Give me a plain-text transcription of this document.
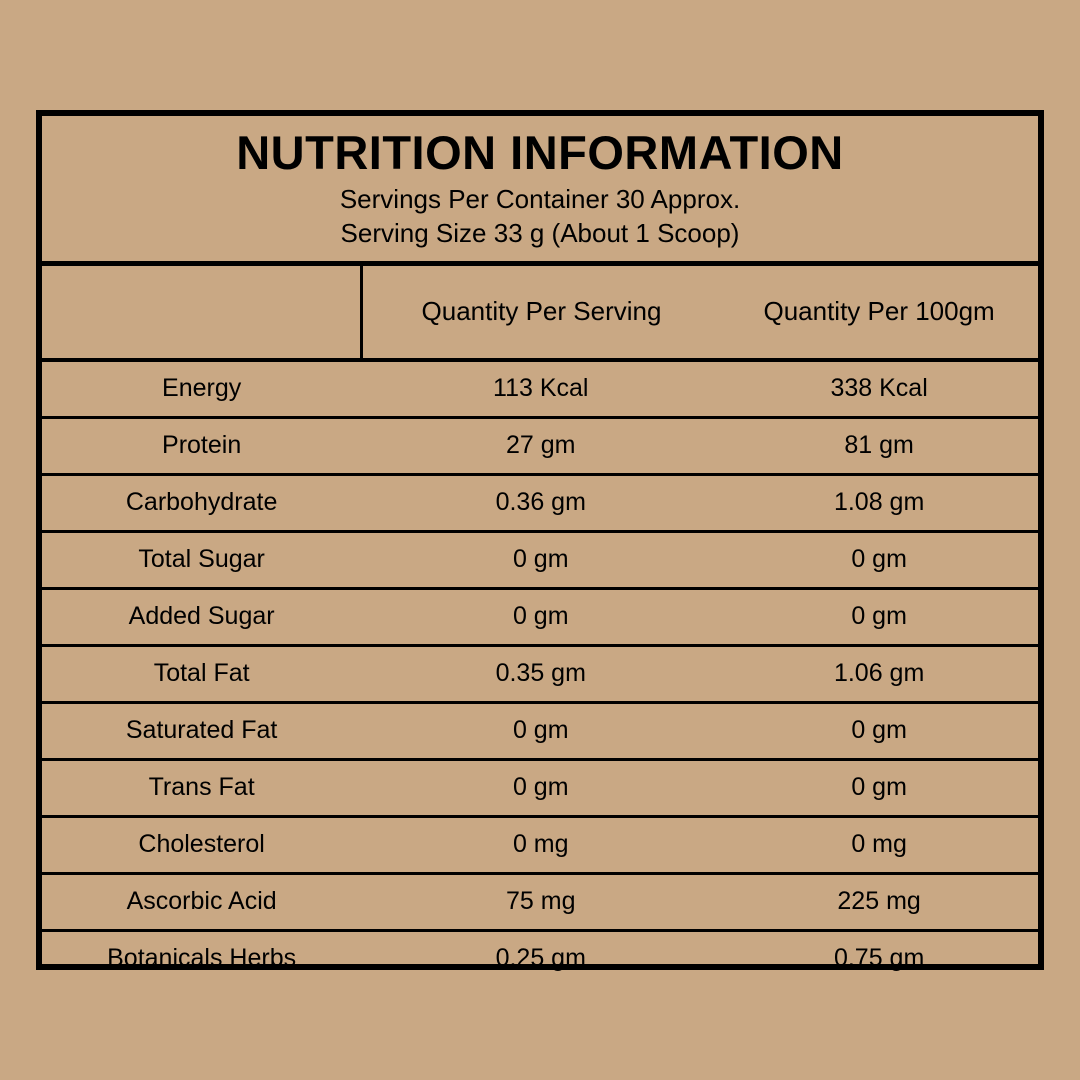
NUTRITION INFORMATION
Servings Per Container 30 Approx.
Serving Size 33 g (About 1 Scoop)
	Quantity Per Serving	Quantity Per 100gm
Energy	113 Kcal	338 Kcal
Protein	27 gm	81 gm
Carbohydrate	0.36 gm	1.08 gm
Total Sugar	0 gm	0 gm
Added Sugar	0 gm	0 gm
Total Fat	0.35 gm	1.06 gm
Saturated Fat	0 gm	0 gm
Trans Fat	0 gm	0 gm
Cholesterol	0 mg	0 mg
Ascorbic Acid	75 mg	225 mg
Botanicals Herbs	0.25 gm	0.75 gm
